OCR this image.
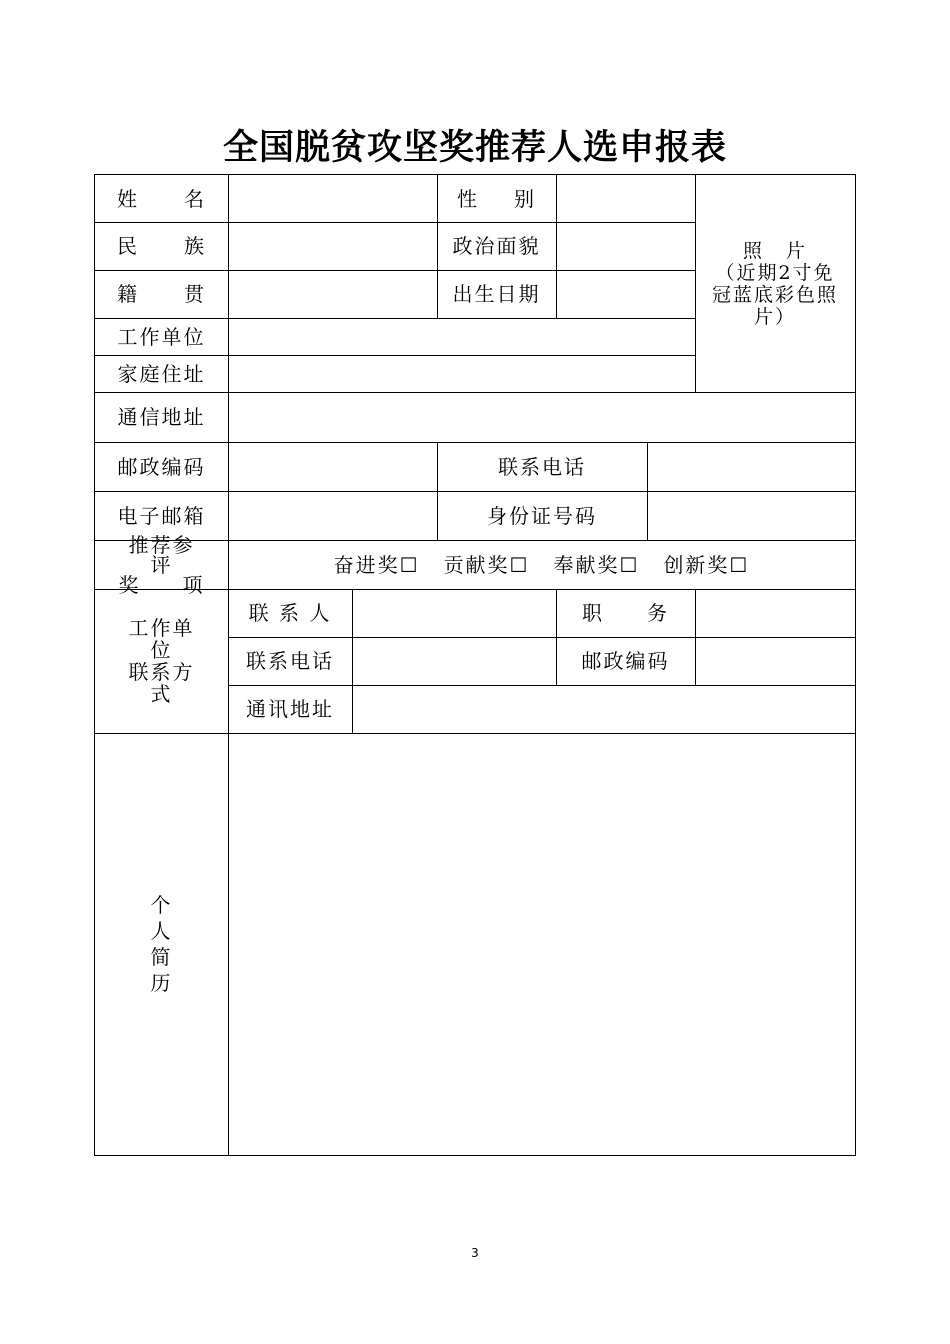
全国脱贫攻坚奖推荐人选申报表
姓 名	性 别
照 片
（近期2寸免冠蓝底彩色照片）
民 族	政治面貌
籍 贯	出生日期
工作单位
家庭住址
通信地址
邮政编码	联系电话
电子邮箱	身份证号码
推荐参评
奖 项
奋进奖☐ 贡献奖☐ 奉献奖☐ 创新奖☐
工作单位
联系方式
联 系 人	职 务
联系电话	邮政编码
通讯地址
个
人
简
历
3
